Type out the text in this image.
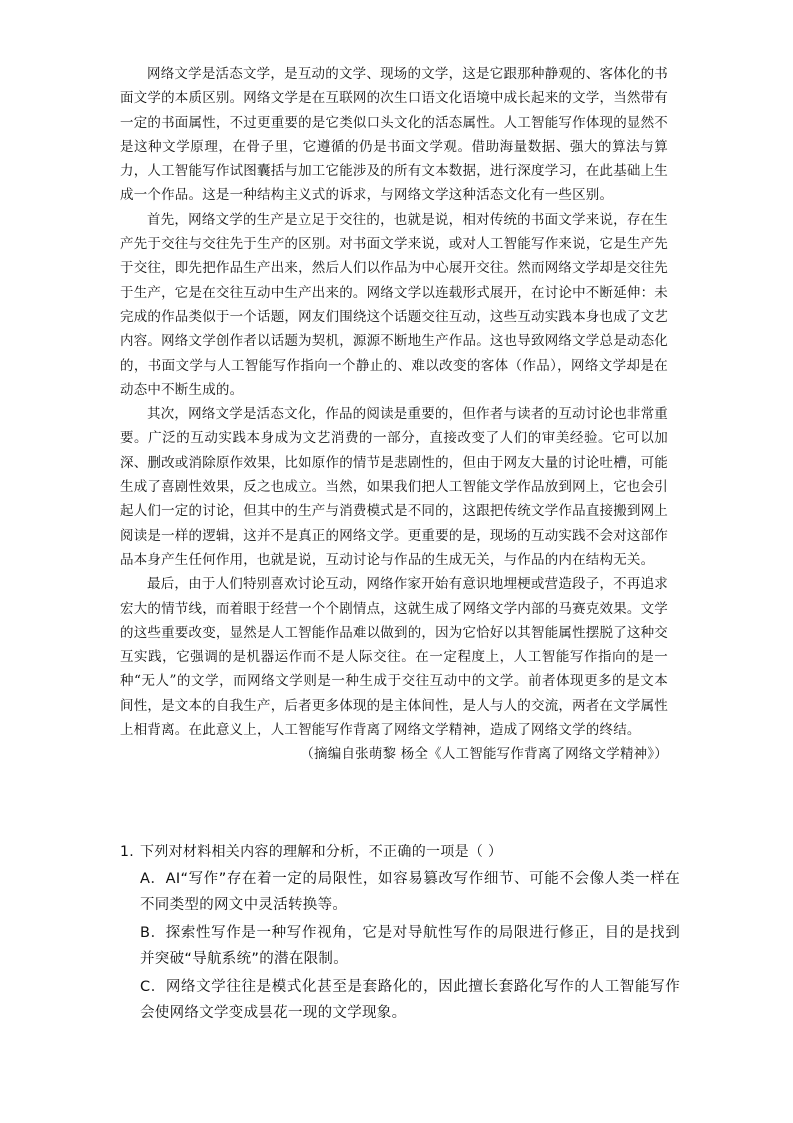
网络文学是活态文学，是互动的文学、现场的文学，这是它跟那种静观的、客体化的书面文学的本质区别。网络文学是在互联网的次生口语文化语境中成长起来的文学，当然带有一定的书面属性，不过更重要的是它类似口头文化的活态属性。人工智能写作体现的显然不是这种文学原理，在骨子里，它遵循的仍是书面文学观。借助海量数据、强大的算法与算力，人工智能写作试图囊括与加工它能涉及的所有文本数据，进行深度学习，在此基础上生成一个作品。这是一种结构主义式的诉求，与网络文学这种活态文化有一些区别。

首先，网络文学的生产是立足于交往的，也就是说，相对传统的书面文学来说，存在生产先于交往与交往先于生产的区别。对书面文学来说，或对人工智能写作来说，它是生产先于交往，即先把作品生产出来，然后人们以作品为中心展开交往。然而网络文学却是交往先于生产，它是在交往互动中生产出来的。网络文学以连载形式展开，在讨论中不断延伸：未完成的作品类似于一个话题，网友们围绕这个话题交往互动，这些互动实践本身也成了文艺内容。网络文学创作者以话题为契机，源源不断地生产作品。这也导致网络文学总是动态化的，书面文学与人工智能写作指向一个静止的、难以改变的客体（作品），网络文学却是在动态中不断生成的。

其次，网络文学是活态文化，作品的阅读是重要的，但作者与读者的互动讨论也非常重要。广泛的互动实践本身成为文艺消费的一部分，直接改变了人们的审美经验。它可以加深、删改或消除原作效果，比如原作的情节是悲剧性的，但由于网友大量的讨论吐槽，可能生成了喜剧性效果，反之也成立。当然，如果我们把人工智能文学作品放到网上，它也会引起人们一定的讨论，但其中的生产与消费模式是不同的，这跟把传统文学作品直接搬到网上阅读是一样的逻辑，这并不是真正的网络文学。更重要的是，现场的互动实践不会对这部作品本身产生任何作用，也就是说，互动讨论与作品的生成无关，与作品的内在结构无关。

最后，由于人们特别喜欢讨论互动，网络作家开始有意识地埋梗或营造段子，不再追求宏大的情节线，而着眼于经营一个个剧情点，这就生成了网络文学内部的马赛克效果。文学的这些重要改变，显然是人工智能作品难以做到的，因为它恰好以其智能属性摆脱了这种交互实践，它强调的是机器运作而不是人际交往。在一定程度上，人工智能写作指向的是一种“无人”的文学，而网络文学则是一种生成于交往互动中的文学。前者体现更多的是文本间性，是文本的自我生产，后者更多体现的是主体间性，是人与人的交流，两者在文学属性上相背离。在此意义上，人工智能写作背离了网络文学精神，造成了网络文学的终结。

（摘编自张萌黎 杨全《人工智能写作背离了网络文学精神》）

1. 下列对材料相关内容的理解和分析，不正确的一项是（ ）

A．AI“写作”存在着一定的局限性，如容易篡改写作细节、可能不会像人类一样在不同类型的网文中灵活转换等。

B．探索性写作是一种写作视角，它是对导航性写作的局限进行修正，目的是找到并突破“导航系统”的潜在限制。

C．网络文学往往是模式化甚至是套路化的，因此擅长套路化写作的人工智能写作会使网络文学变成昙花一现的文学现象。
